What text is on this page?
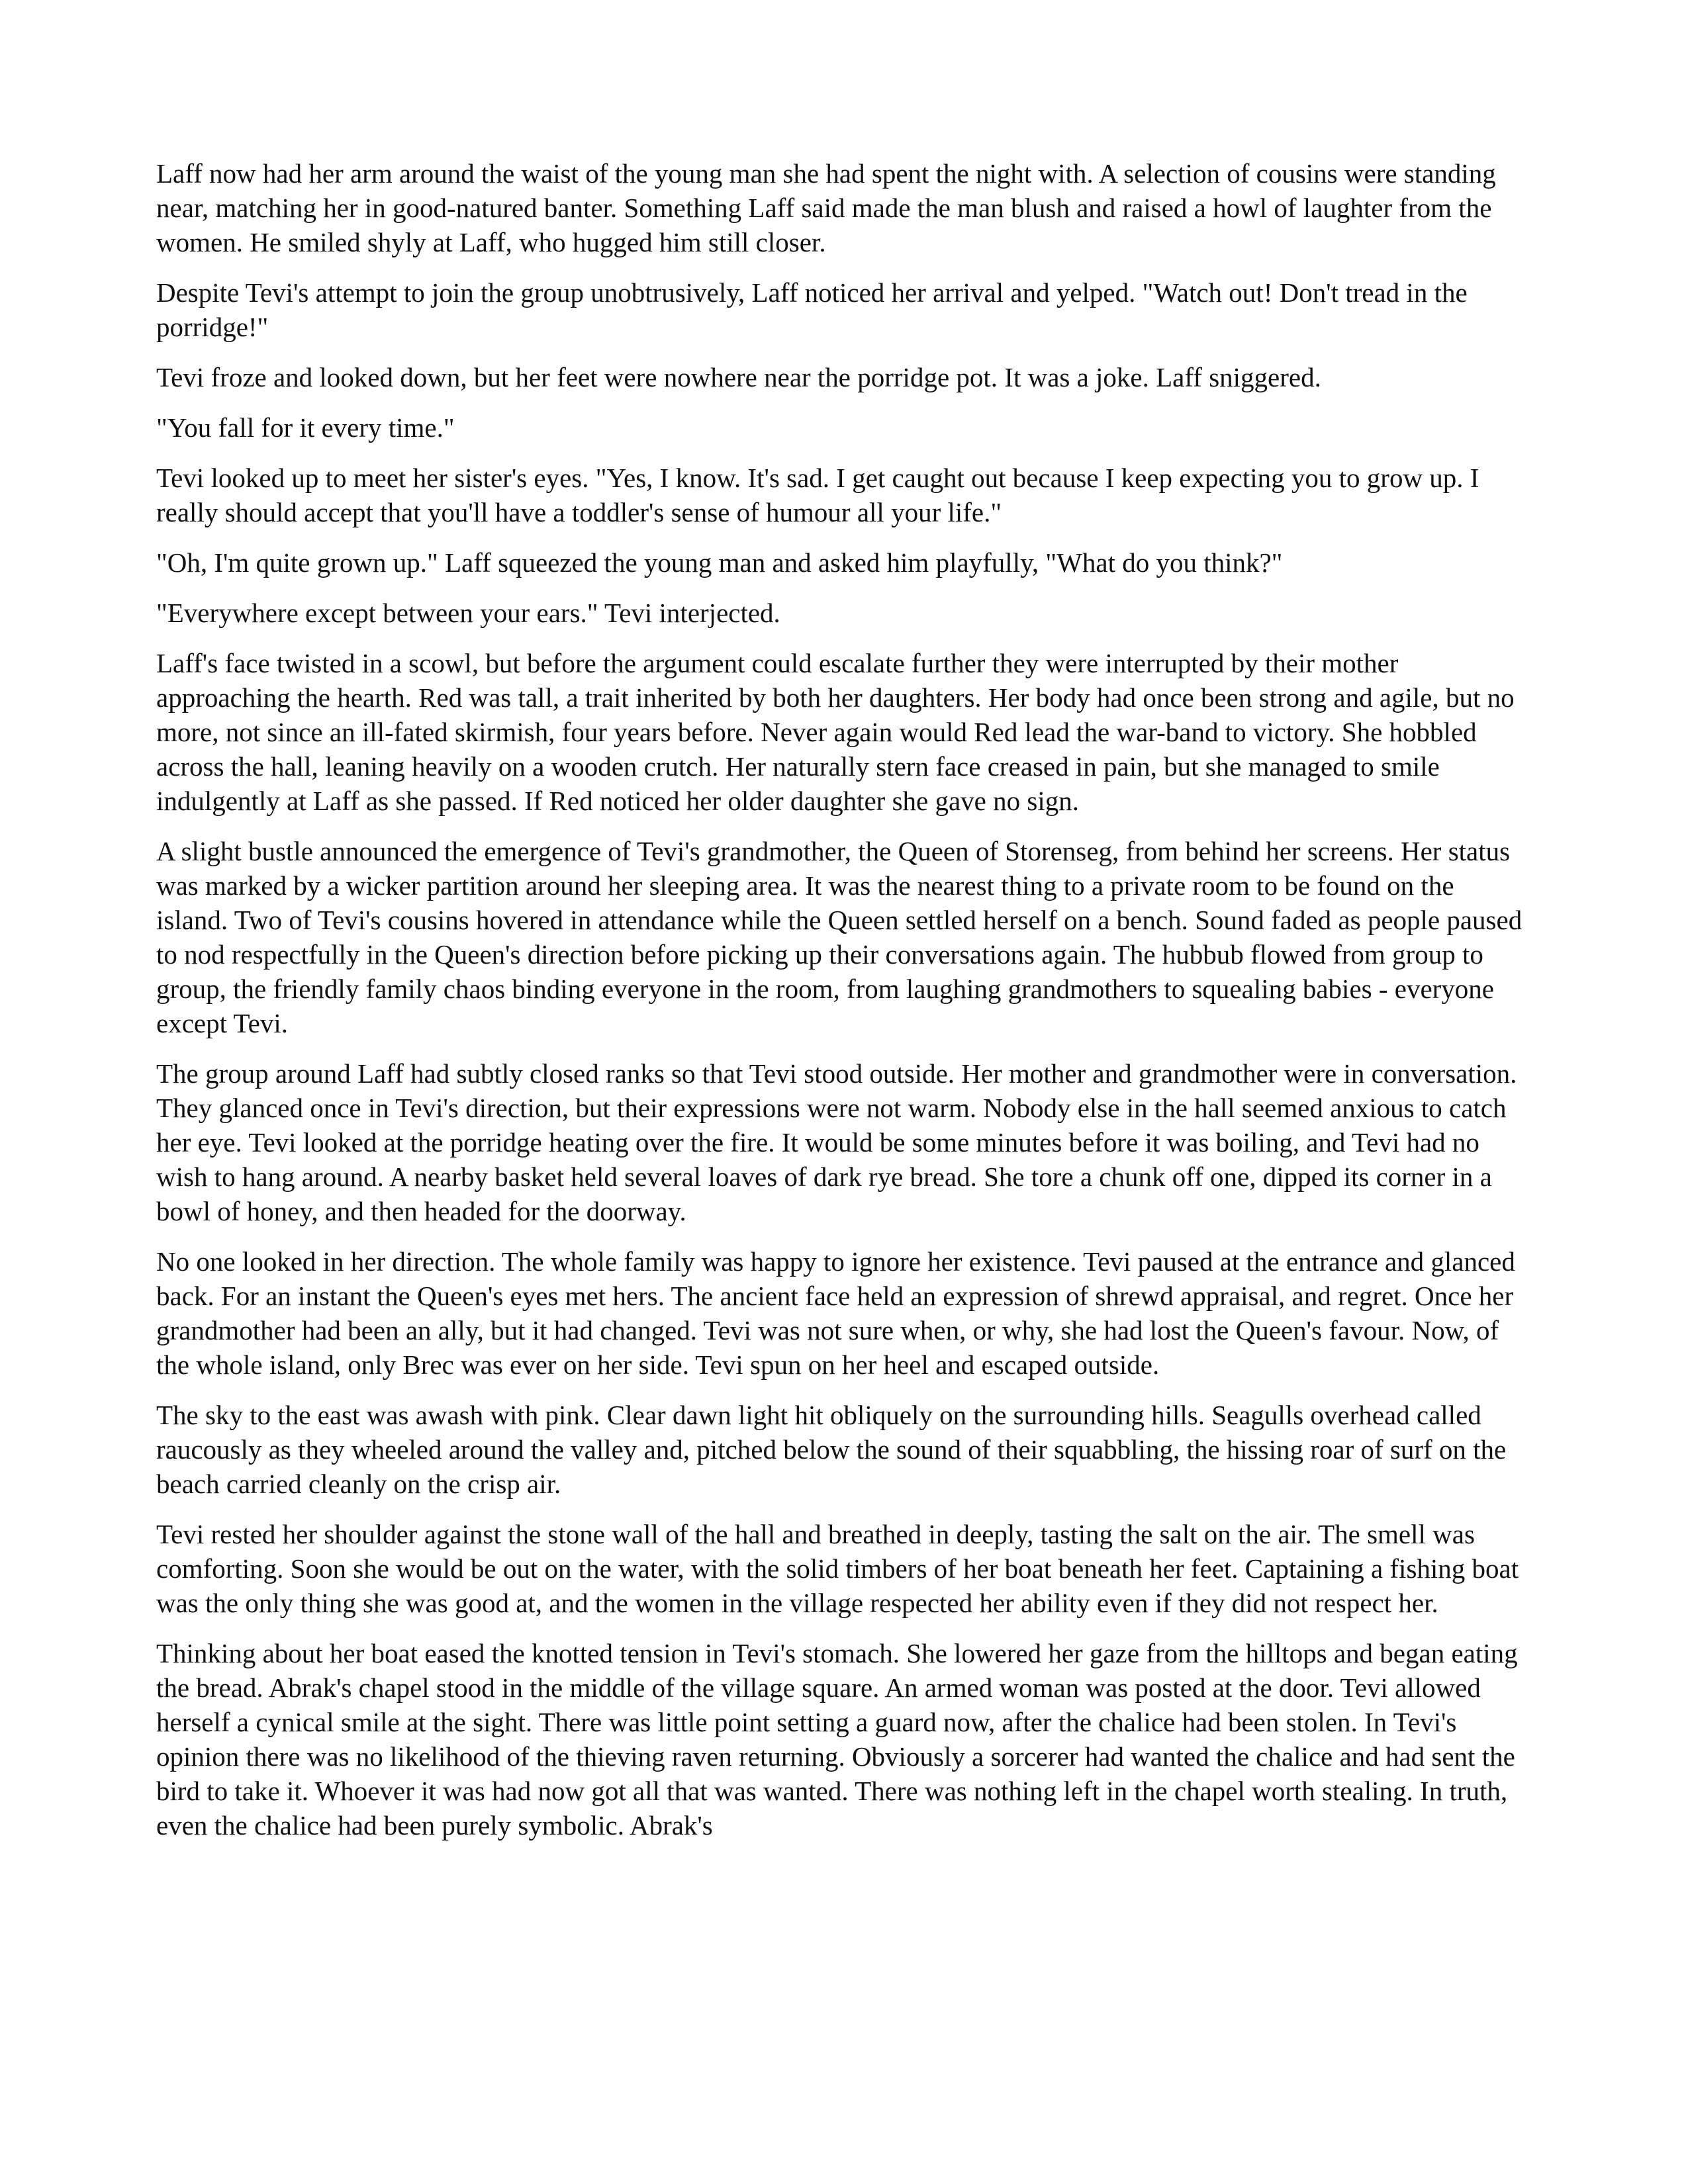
Laff now had her arm around the waist of the young man she had spent the night with. A selection of cousins were standing near, matching her in good-natured banter. Something Laff said made the man blush and raised a howl of laughter from the women. He smiled shyly at Laff, who hugged him still closer.

Despite Tevi's attempt to join the group unobtrusively, Laff noticed her arrival and yelped. "Watch out! Don't tread in the porridge!"

Tevi froze and looked down, but her feet were nowhere near the porridge pot. It was a joke. Laff sniggered.

"You fall for it every time."

Tevi looked up to meet her sister's eyes. "Yes, I know. It's sad. I get caught out because I keep expecting you to grow up. I really should accept that you'll have a toddler's sense of humour all your life."

"Oh, I'm quite grown up." Laff squeezed the young man and asked him playfully, "What do you think?"

"Everywhere except between your ears." Tevi interjected.

Laff's face twisted in a scowl, but before the argument could escalate further they were interrupted by their mother approaching the hearth. Red was tall, a trait inherited by both her daughters. Her body had once been strong and agile, but no more, not since an ill-fated skirmish, four years before. Never again would Red lead the war-band to victory. She hobbled across the hall, leaning heavily on a wooden crutch. Her naturally stern face creased in pain, but she managed to smile indulgently at Laff as she passed. If Red noticed her older daughter she gave no sign.

A slight bustle announced the emergence of Tevi's grandmother, the Queen of Storenseg, from behind her screens. Her status was marked by a wicker partition around her sleeping area. It was the nearest thing to a private room to be found on the island. Two of Tevi's cousins hovered in attendance while the Queen settled herself on a bench. Sound faded as people paused to nod respectfully in the Queen's direction before picking up their conversations again. The hubbub flowed from group to group, the friendly family chaos binding everyone in the room, from laughing grandmothers to squealing babies - everyone except Tevi.

The group around Laff had subtly closed ranks so that Tevi stood outside. Her mother and grandmother were in conversation. They glanced once in Tevi's direction, but their expressions were not warm. Nobody else in the hall seemed anxious to catch her eye. Tevi looked at the porridge heating over the fire. It would be some minutes before it was boiling, and Tevi had no wish to hang around. A nearby basket held several loaves of dark rye bread. She tore a chunk off one, dipped its corner in a bowl of honey, and then headed for the doorway.

No one looked in her direction. The whole family was happy to ignore her existence. Tevi paused at the entrance and glanced back. For an instant the Queen's eyes met hers. The ancient face held an expression of shrewd appraisal, and regret. Once her grandmother had been an ally, but it had changed. Tevi was not sure when, or why, she had lost the Queen's favour. Now, of the whole island, only Brec was ever on her side. Tevi spun on her heel and escaped outside.

The sky to the east was awash with pink. Clear dawn light hit obliquely on the surrounding hills. Seagulls overhead called raucously as they wheeled around the valley and, pitched below the sound of their squabbling, the hissing roar of surf on the beach carried cleanly on the crisp air.

Tevi rested her shoulder against the stone wall of the hall and breathed in deeply, tasting the salt on the air. The smell was comforting. Soon she would be out on the water, with the solid timbers of her boat beneath her feet. Captaining a fishing boat was the only thing she was good at, and the women in the village respected her ability even if they did not respect her.

Thinking about her boat eased the knotted tension in Tevi's stomach. She lowered her gaze from the hilltops and began eating the bread. Abrak's chapel stood in the middle of the village square. An armed woman was posted at the door. Tevi allowed herself a cynical smile at the sight. There was little point setting a guard now, after the chalice had been stolen. In Tevi's opinion there was no likelihood of the thieving raven returning. Obviously a sorcerer had wanted the chalice and had sent the bird to take it. Whoever it was had now got all that was wanted. There was nothing left in the chapel worth stealing. In truth, even the chalice had been purely symbolic. Abrak's
